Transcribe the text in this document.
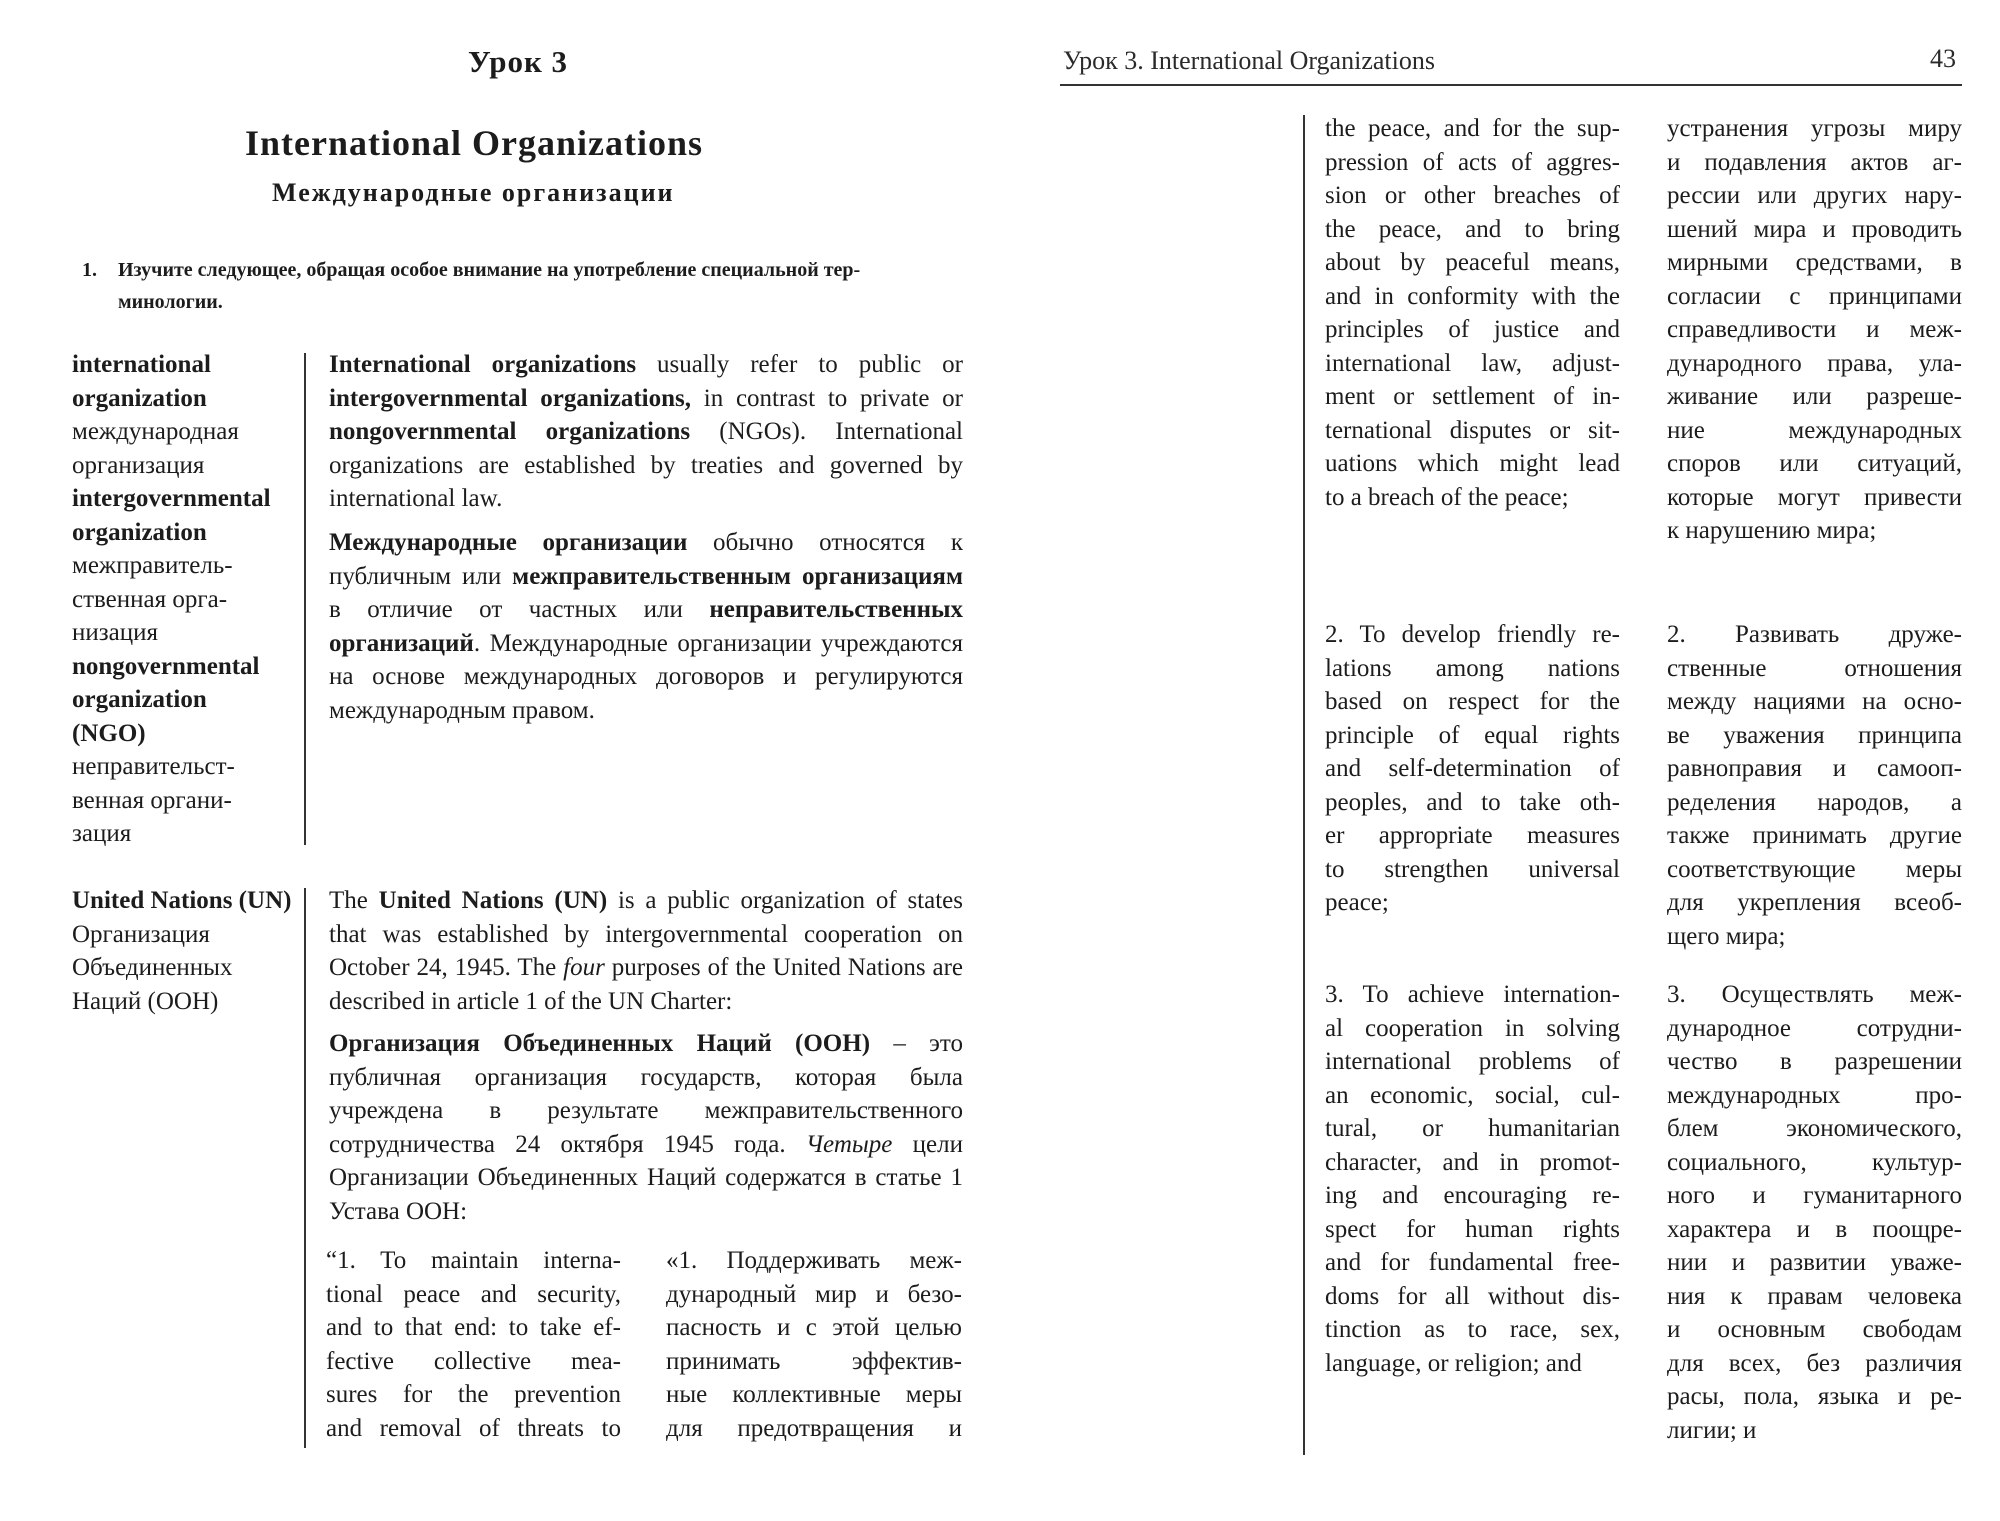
Урок 3
International Organizations
Международные организации
1. Изучите следующее, обращая особое внимание на употребление специальной тер-
минологии.
international organization
международная организация
intergovernmental organization
межправитель- ственная орга- низация
nongovernmental organization (NGO)
неправительст- венная органи- зация
International organizations usually refer to public or intergovernmental organizations, in contrast to private or nongovernmental organizations (NGOs). International organizations are established by treaties and governed by international law.
Международные организации обычно относятся к публичным или межправительственным организациям в отличие от частных или неправительственных организаций. Международные организации учреждаются на основе международных договоров и регулируются международным правом.
United Nations (UN)
Организация Объединенных Наций (ООН)
The United Nations (UN) is a public organization of states that was established by intergovernmental cooperation on October 24, 1945. The four purposes of the United Nations are described in article 1 of the UN Charter:
Организация Объединенных Наций (ООН) – это публичная организация государств, которая была учреждена в результате межправительственного сотрудничества 24 октября 1945 года. Четыре цели Организации Объединенных Наций содержатся в статье 1 Устава ООН:
“1. To maintain interna-
tional peace and security,
and to that end: to take ef-
fective collective mea-
sures for the prevention
and removal of threats to
«1. Поддерживать меж-
дународный мир и безо-
пасность и с этой целью
принимать эффектив-
ные коллективные меры
для предотвращения и
Урок 3. International Organizations	43
the peace, and for the sup-
pression of acts of aggres-
sion or other breaches of
the peace, and to bring
about by peaceful means,
and in conformity with the
principles of justice and
international law, adjust-
ment or settlement of in-
ternational disputes or sit-
uations which might lead
to a breach of the peace;
устранения угрозы миру
и подавления актов аг-
рессии или других нару-
шений мира и проводить
мирными средствами, в
согласии с принципами
справедливости и меж-
дународного права, ула-
живание или разреше-
ние международных
споров или ситуаций,
которые могут привести
к нарушению мира;
2. To develop friendly re-
lations among nations
based on respect for the
principle of equal rights
and self-determination of
peoples, and to take oth-
er appropriate measures
to strengthen universal
peace;
2. Развивать друже-
ственные отношения
между нациями на осно-
ве уважения принципа
равноправия и самооп-
ределения народов, а
также принимать другие
соответствующие меры
для укрепления всеоб-
щего мира;
3. To achieve internation-
al cooperation in solving
international problems of
an economic, social, cul-
tural, or humanitarian
character, and in promot-
ing and encouraging re-
spect for human rights
and for fundamental free-
doms for all without dis-
tinction as to race, sex,
language, or religion; and
3. Осуществлять меж-
дународное сотрудни-
чество в разрешении
международных про-
блем экономического,
социального, культур-
ного и гуманитарного
характера и в поощре-
нии и развитии уваже-
ния к правам человека
и основным свободам
для всех, без различия
расы, пола, языка и ре-
лигии; и
